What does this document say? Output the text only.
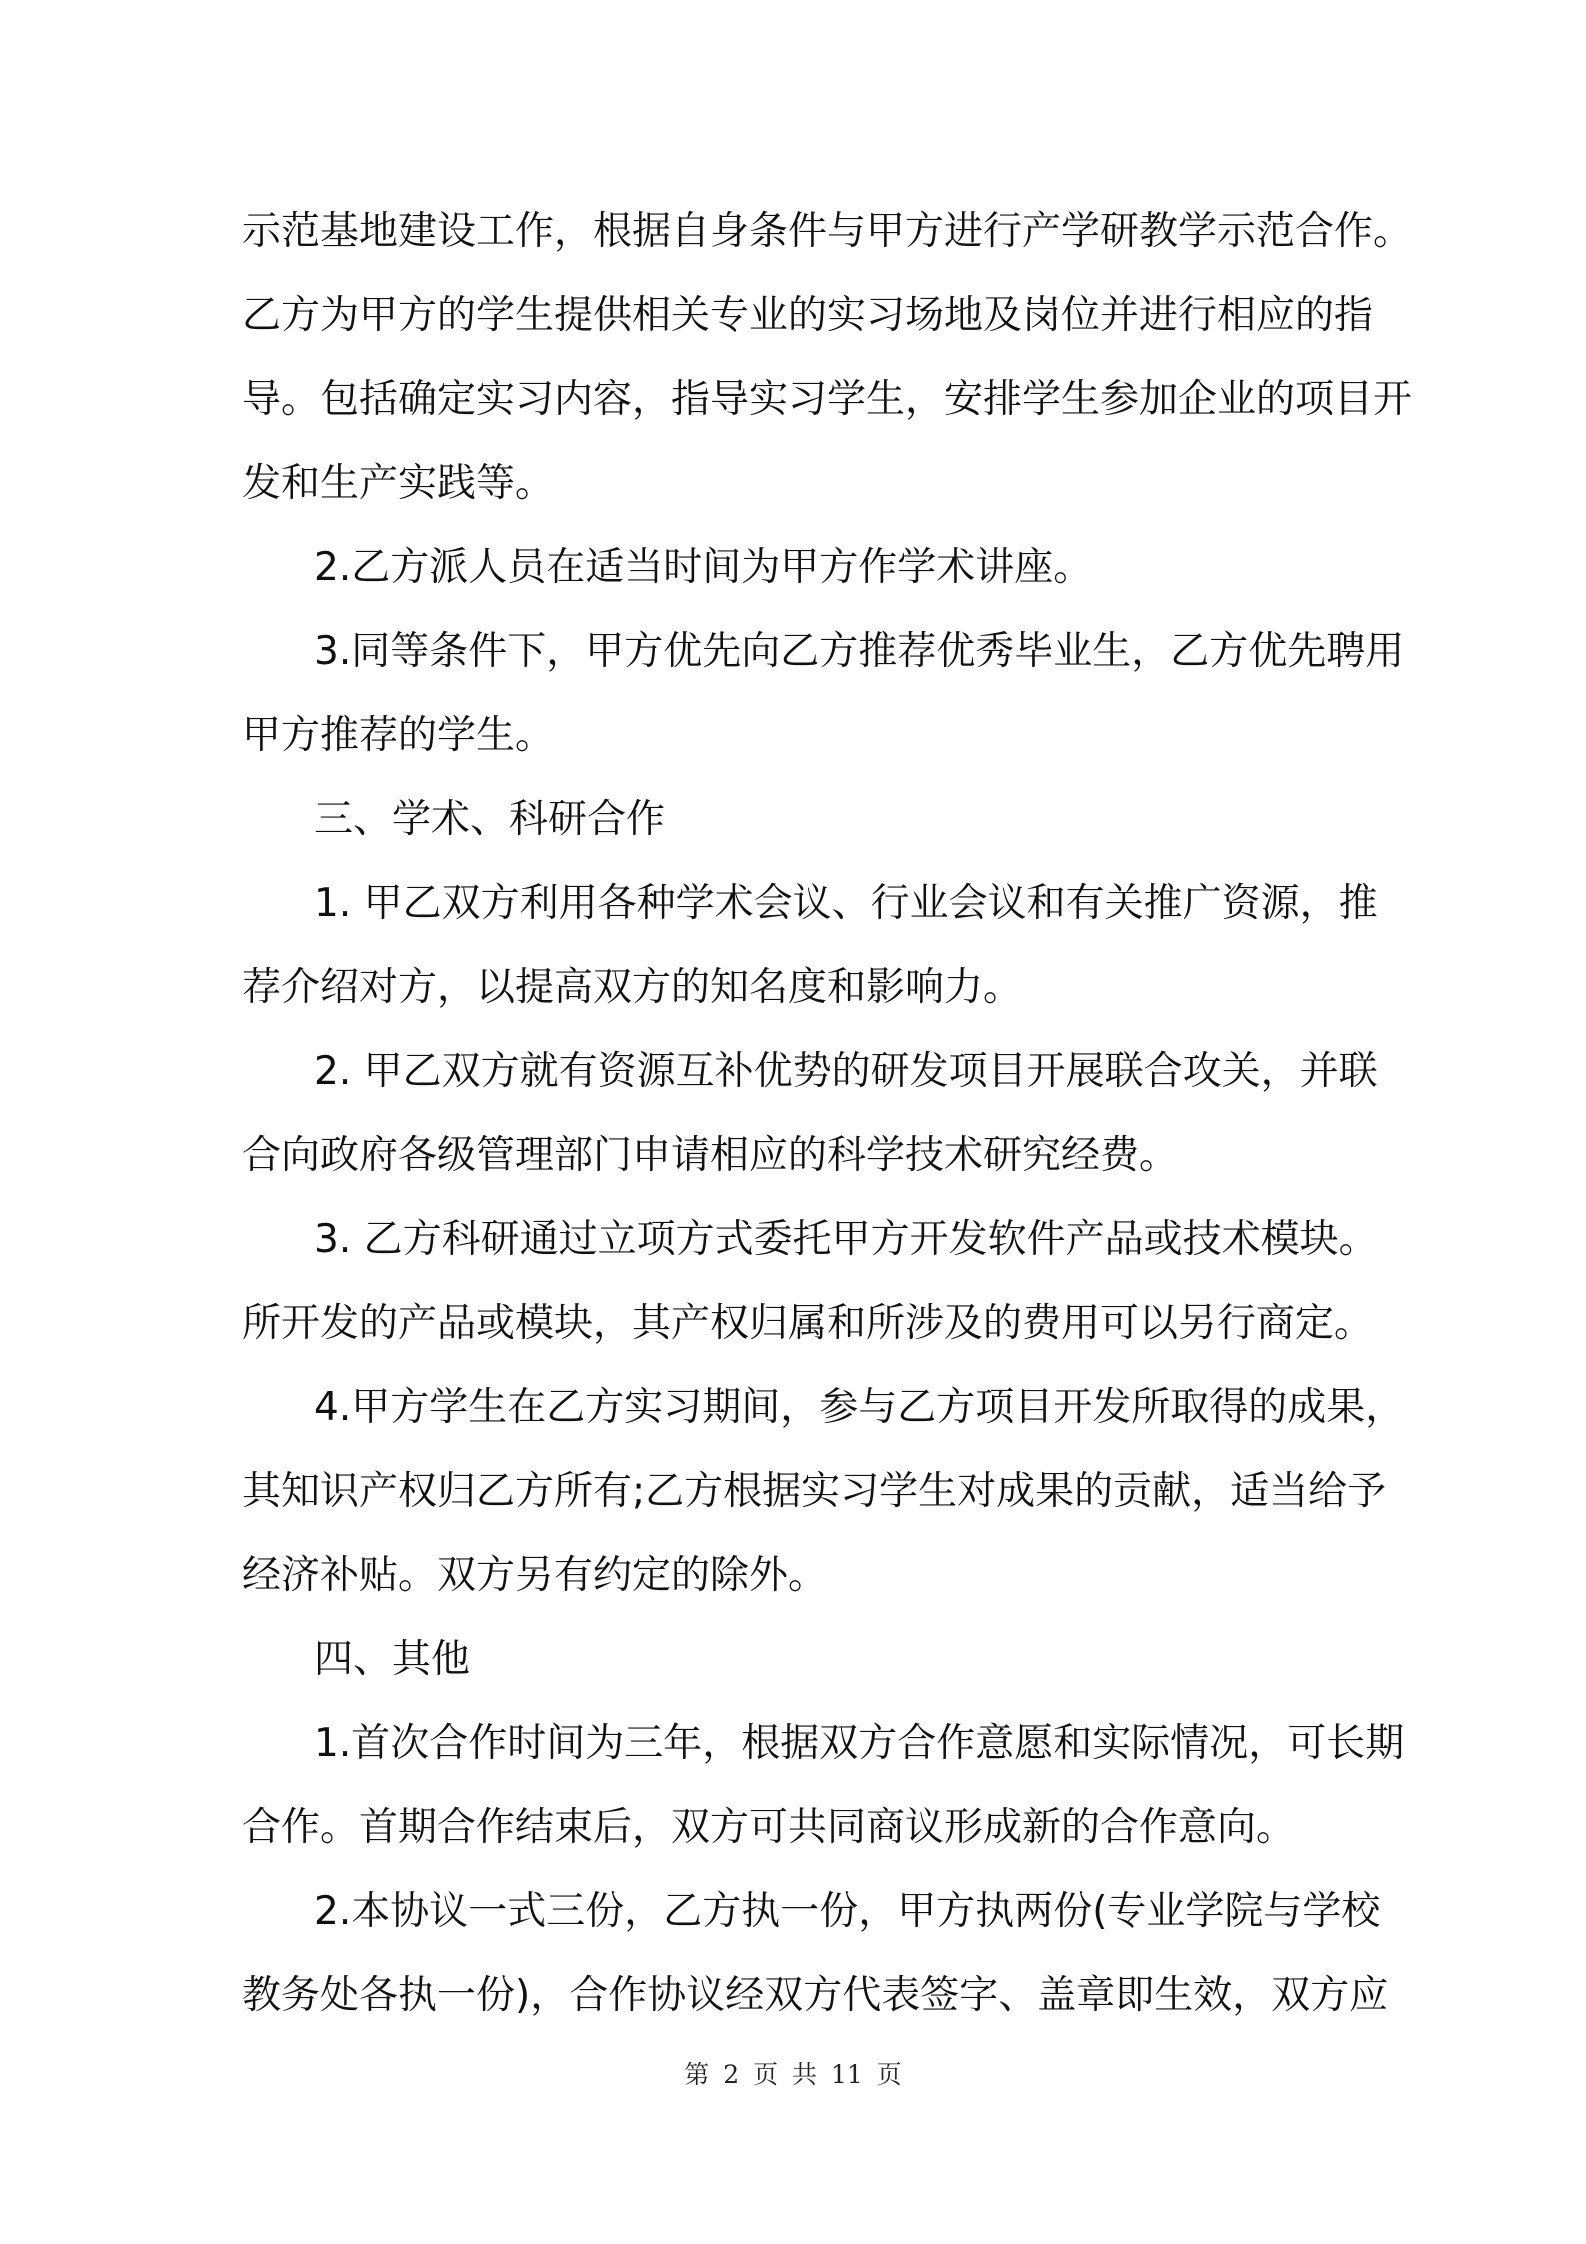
示范基地建设工作，根据自身条件与甲方进行产学研教学示范合作。
乙方为甲方的学生提供相关专业的实习场地及岗位并进行相应的指
导。包括确定实习内容，指导实习学生，安排学生参加企业的项目开
发和生产实践等。
2.乙方派人员在适当时间为甲方作学术讲座。
3.同等条件下，甲方优先向乙方推荐优秀毕业生，乙方优先聘用
甲方推荐的学生。
三、学术、科研合作
1. 甲乙双方利用各种学术会议、行业会议和有关推广资源，推
荐介绍对方，以提高双方的知名度和影响力。
2. 甲乙双方就有资源互补优势的研发项目开展联合攻关，并联
合向政府各级管理部门申请相应的科学技术研究经费。
3. 乙方科研通过立项方式委托甲方开发软件产品或技术模块。
所开发的产品或模块，其产权归属和所涉及的费用可以另行商定。
4.甲方学生在乙方实习期间，参与乙方项目开发所取得的成果，
其知识产权归乙方所有;乙方根据实习学生对成果的贡献，适当给予
经济补贴。双方另有约定的除外。
四、其他
1.首次合作时间为三年，根据双方合作意愿和实际情况，可长期
合作。首期合作结束后，双方可共同商议形成新的合作意向。
2.本协议一式三份，乙方执一份，甲方执两份(专业学院与学校
教务处各执一份)，合作协议经双方代表签字、盖章即生效，双方应
第 2 页 共 11 页
